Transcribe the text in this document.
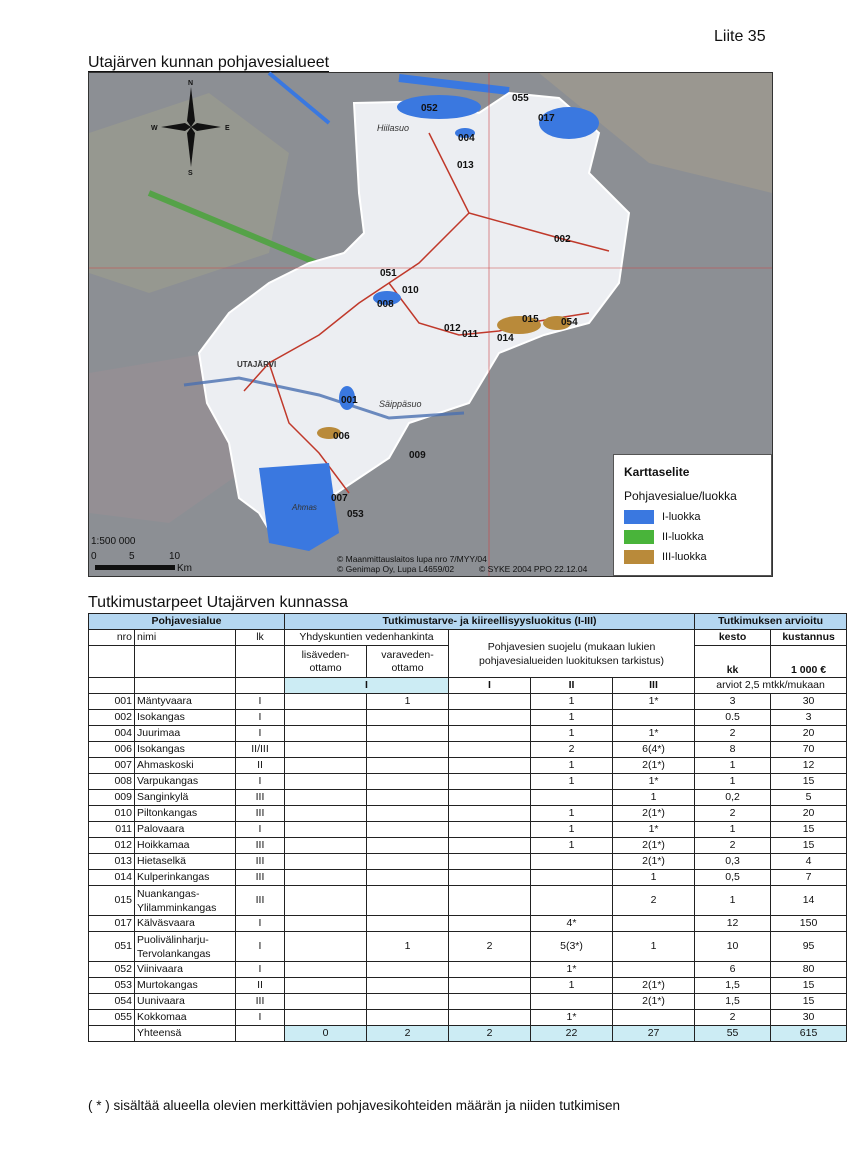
Liite 35
Utajärven kunnan pohjavesialueet
052
055
017
004
013
002
051
010
008
012
011 014
015 054
001
006
009
007
053
Hiilasuo
Säippäsuo
UTAJÄRVI
Ahmas
N
S
E
W
1:500 000
0	5	10
Km
© Maanmittauslaitos lupa nro 7/MYY/04
© Genimap Oy, Lupa L4659/02	© SYKE 2004 PPO 22.12.04
Karttaselite
Pohjavesialue/luokka
I-luokka
II-luokka
III-luokka
Tutkimustarpeet Utajärven kunnassa
Pohjavesialue			Tutkimustarve- ja kiireellisyysluokitus (I-III)					Tutkimuksen arvioitu	
nro	nimi	lk	Yhdyskuntien vedenhankinta		Pohjavesien suojelu (mukaan lukien pohjavesialueiden luokituksen tarkistus)			kesto	kustannus
			lisäveden-ottamo	varaveden-ottamo				kk	1 000 €
			I		I	II	III	arviot 2,5 mtkk/mukaan	
001	Mäntyvaara	I		1		1	1*	3	30
002	Isokangas	I				1		0.5	3
004	Juurimaa	I				1	1*	2	20
006	Isokangas	II/III				2	6(4*)	8	70
007	Ahmaskoski	II				1	2(1*)	1	12
008	Varpukangas	I				1	1*	1	15
009	Sanginkylä	III					1	0,2	5
010	Piltonkangas	III				1	2(1*)	2	20
011	Palovaara	I				1	1*	1	15
012	Hoikkamaa	III				1	2(1*)	2	15
013	Hietaselkä	III					2(1*)	0,3	4
014	Kulperinkangas	III					1	0,5	7
015	Nuankangas-Ylilamminkangas	III					2	1	14
017	Kälväsvaara	I				4*		12	150
051	Puolivälinharju-Tervolankangas	I		1	2	5(3*)	1	10	95
052	Viinivaara	I				1*		6	80
053	Murtokangas	II				1	2(1*)	1,5	15
054	Uunivaara	III					2(1*)	1,5	15
055	Kokkomaa	I				1*		2	30
	Yhteensä		0	2	2	22	27	55	615
( * ) sisältää alueella olevien merkittävien pohjavesikohteiden määrän ja niiden tutkimisen
